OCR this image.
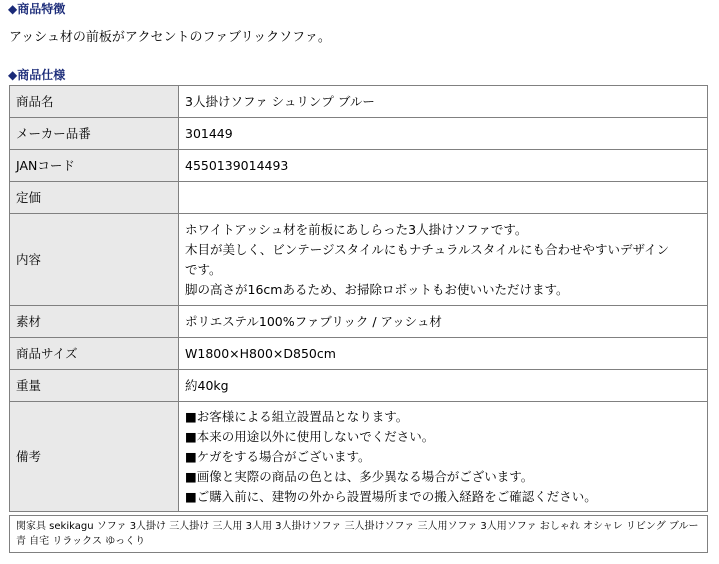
◆商品特徴
アッシュ材の前板がアクセントのファブリックソファ。
◆商品仕様
商品名	3人掛けソファ シュリンプ ブルー
メーカー品番	301449
JANコード	4550139014493
定価	
内容	ホワイトアッシュ材を前板にあしらった3人掛けソファです。
木目が美しく、ビンテージスタイルにもナチュラルスタイルにも合わせやすいデザイン
です。
脚の高さが16cmあるため、お掃除ロボットもお使いいただけます。

素材	ポリエステル100%ファブリック / アッシュ材
商品サイズ	W1800×H800×D850cm
重量	約40kg
備考	■お客様による組立設置品となります。
■本来の用途以外に使用しないでください。
■ケガをする場合がございます。
■画像と実際の商品の色とは、多少異なる場合がございます。
■ご購入前に、建物の外から設置場所までの搬入経路をご確認ください。
関家具 sekikagu ソファ 3人掛け 三人掛け 三人用 3人用 3人掛けソファ 三人掛けソファ 三人用ソファ 3人用ソファ おしゃれ オシャレ リビング ブルー 青 自宅 リラックス ゆっくり
